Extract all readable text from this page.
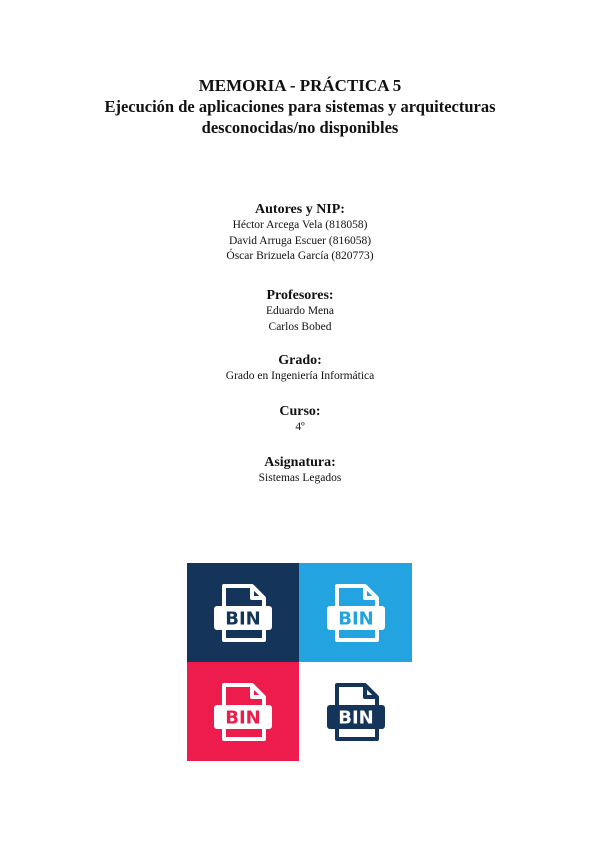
MEMORIA - PRÁCTICA 5
Ejecución de aplicaciones para sistemas y arquitecturas
desconocidas/no disponibles
Autores y NIP:
Héctor Arcega Vela (818058)
David Arruga Escuer (816058)
Óscar Brizuela García (820773)
Profesores:
Eduardo Mena
Carlos Bobed
Grado:
Grado en Ingeniería Informática
Curso:
4º
Asignatura:
Sistemas Legados
BIN	BIN
BIN	BIN
